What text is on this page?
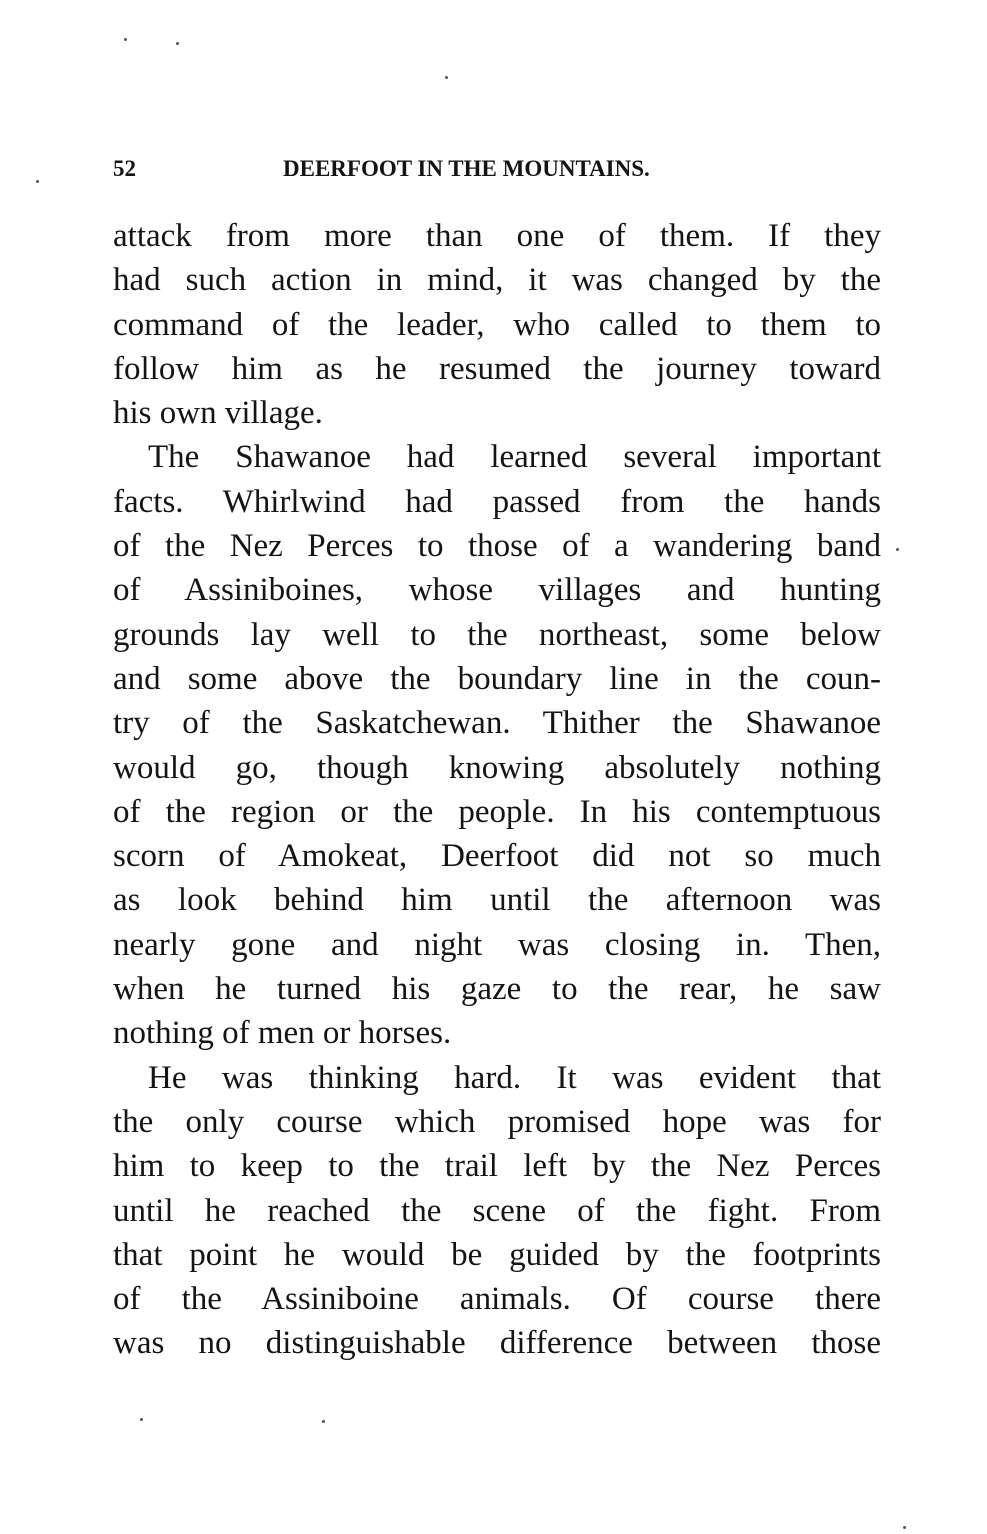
52	DEERFOOT IN THE MOUNTAINS.
attack from more than one of them. If they
had such action in mind, it was changed by the
command of the leader, who called to them to
follow him as he resumed the journey toward
his own village.
The Shawanoe had learned several important
facts. Whirlwind had passed from the hands
of the Nez Perces to those of a wandering band
of Assiniboines, whose villages and hunting
grounds lay well to the northeast, some below
and some above the boundary line in the coun-
try of the Saskatchewan. Thither the Shawanoe
would go, though knowing absolutely nothing
of the region or the people. In his contemptuous
scorn of Amokeat, Deerfoot did not so much
as look behind him until the afternoon was
nearly gone and night was closing in. Then,
when he turned his gaze to the rear, he saw
nothing of men or horses.
He was thinking hard. It was evident that
the only course which promised hope was for
him to keep to the trail left by the Nez Perces
until he reached the scene of the fight. From
that point he would be guided by the footprints
of the Assiniboine animals. Of course there
was no distinguishable difference between those
